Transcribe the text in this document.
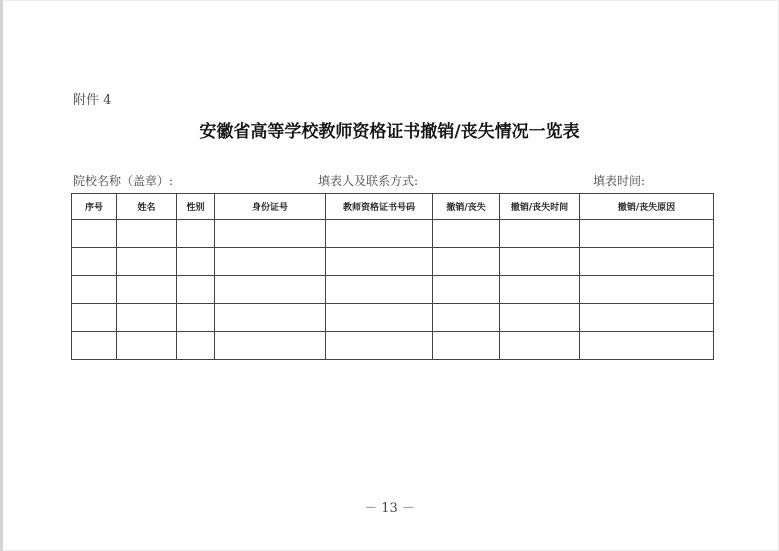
附件 4
安徽省高等学校教师资格证书撤销/丧失情况一览表
院校名称（盖章）:	填表人及联系方式:	填表时间:
序号	姓名	性别	身份证号	教师资格证书号码	撤销/丧失	撤销/丧失时间	撤销/丧失原因

－ 13 －
